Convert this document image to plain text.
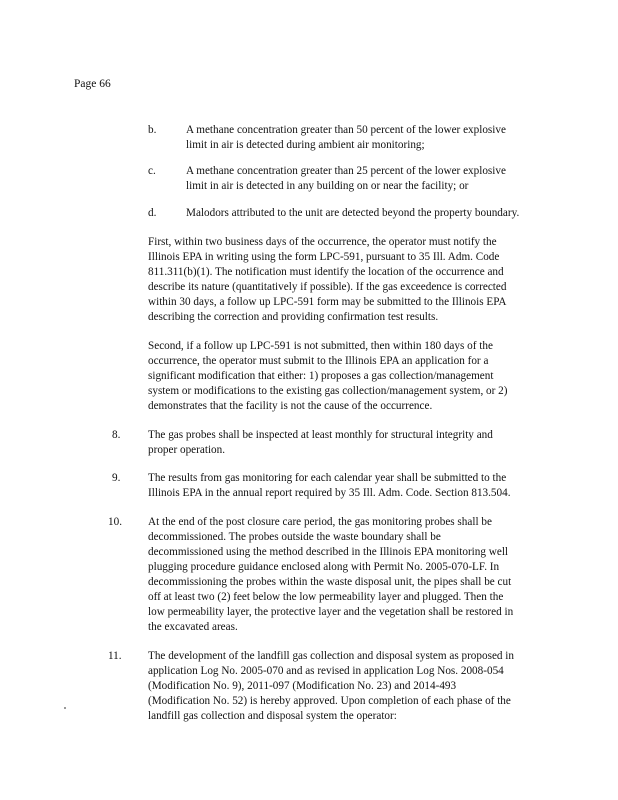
Page 66
b.	A methane concentration greater than 50 percent of the lower explosive
limit in air is detected during ambient air monitoring;
c.	A methane concentration greater than 25 percent of the lower explosive
limit in air is detected in any building on or near the facility; or
d.	Malodors attributed to the unit are detected beyond the property boundary.
First, within two business days of the occurrence, the operator must notify the
Illinois EPA in writing using the form LPC-591, pursuant to 35 Ill. Adm. Code
811.311(b)(1). The notification must identify the location of the occurrence and
describe its nature (quantitatively if possible). If the gas exceedence is corrected
within 30 days, a follow up LPC-591 form may be submitted to the Illinois EPA
describing the correction and providing confirmation test results.
Second, if a follow up LPC-591 is not submitted, then within 180 days of the
occurrence, the operator must submit to the Illinois EPA an application for a
significant modification that either: 1) proposes a gas collection/management
system or modifications to the existing gas collection/management system, or 2)
demonstrates that the facility is not the cause of the occurrence.
8. The gas probes shall be inspected at least monthly for structural integrity and
proper operation.
9. The results from gas monitoring for each calendar year shall be submitted to the
Illinois EPA in the annual report required by 35 Ill. Adm. Code. Section 813.504.
10. At the end of the post closure care period, the gas monitoring probes shall be
decommissioned. The probes outside the waste boundary shall be
decommissioned using the method described in the Illinois EPA monitoring well
plugging procedure guidance enclosed along with Permit No. 2005-070-LF. In
decommissioning the probes within the waste disposal unit, the pipes shall be cut
off at least two (2) feet below the low permeability layer and plugged. Then the
low permeability layer, the protective layer and the vegetation shall be restored in
the excavated areas.
11. The development of the landfill gas collection and disposal system as proposed in
application Log No. 2005-070 and as revised in application Log Nos. 2008-054
(Modification No. 9), 2011-097 (Modification No. 23) and 2014-493
(Modification No. 52) is hereby approved. Upon completion of each phase of the
landfill gas collection and disposal system the operator:
